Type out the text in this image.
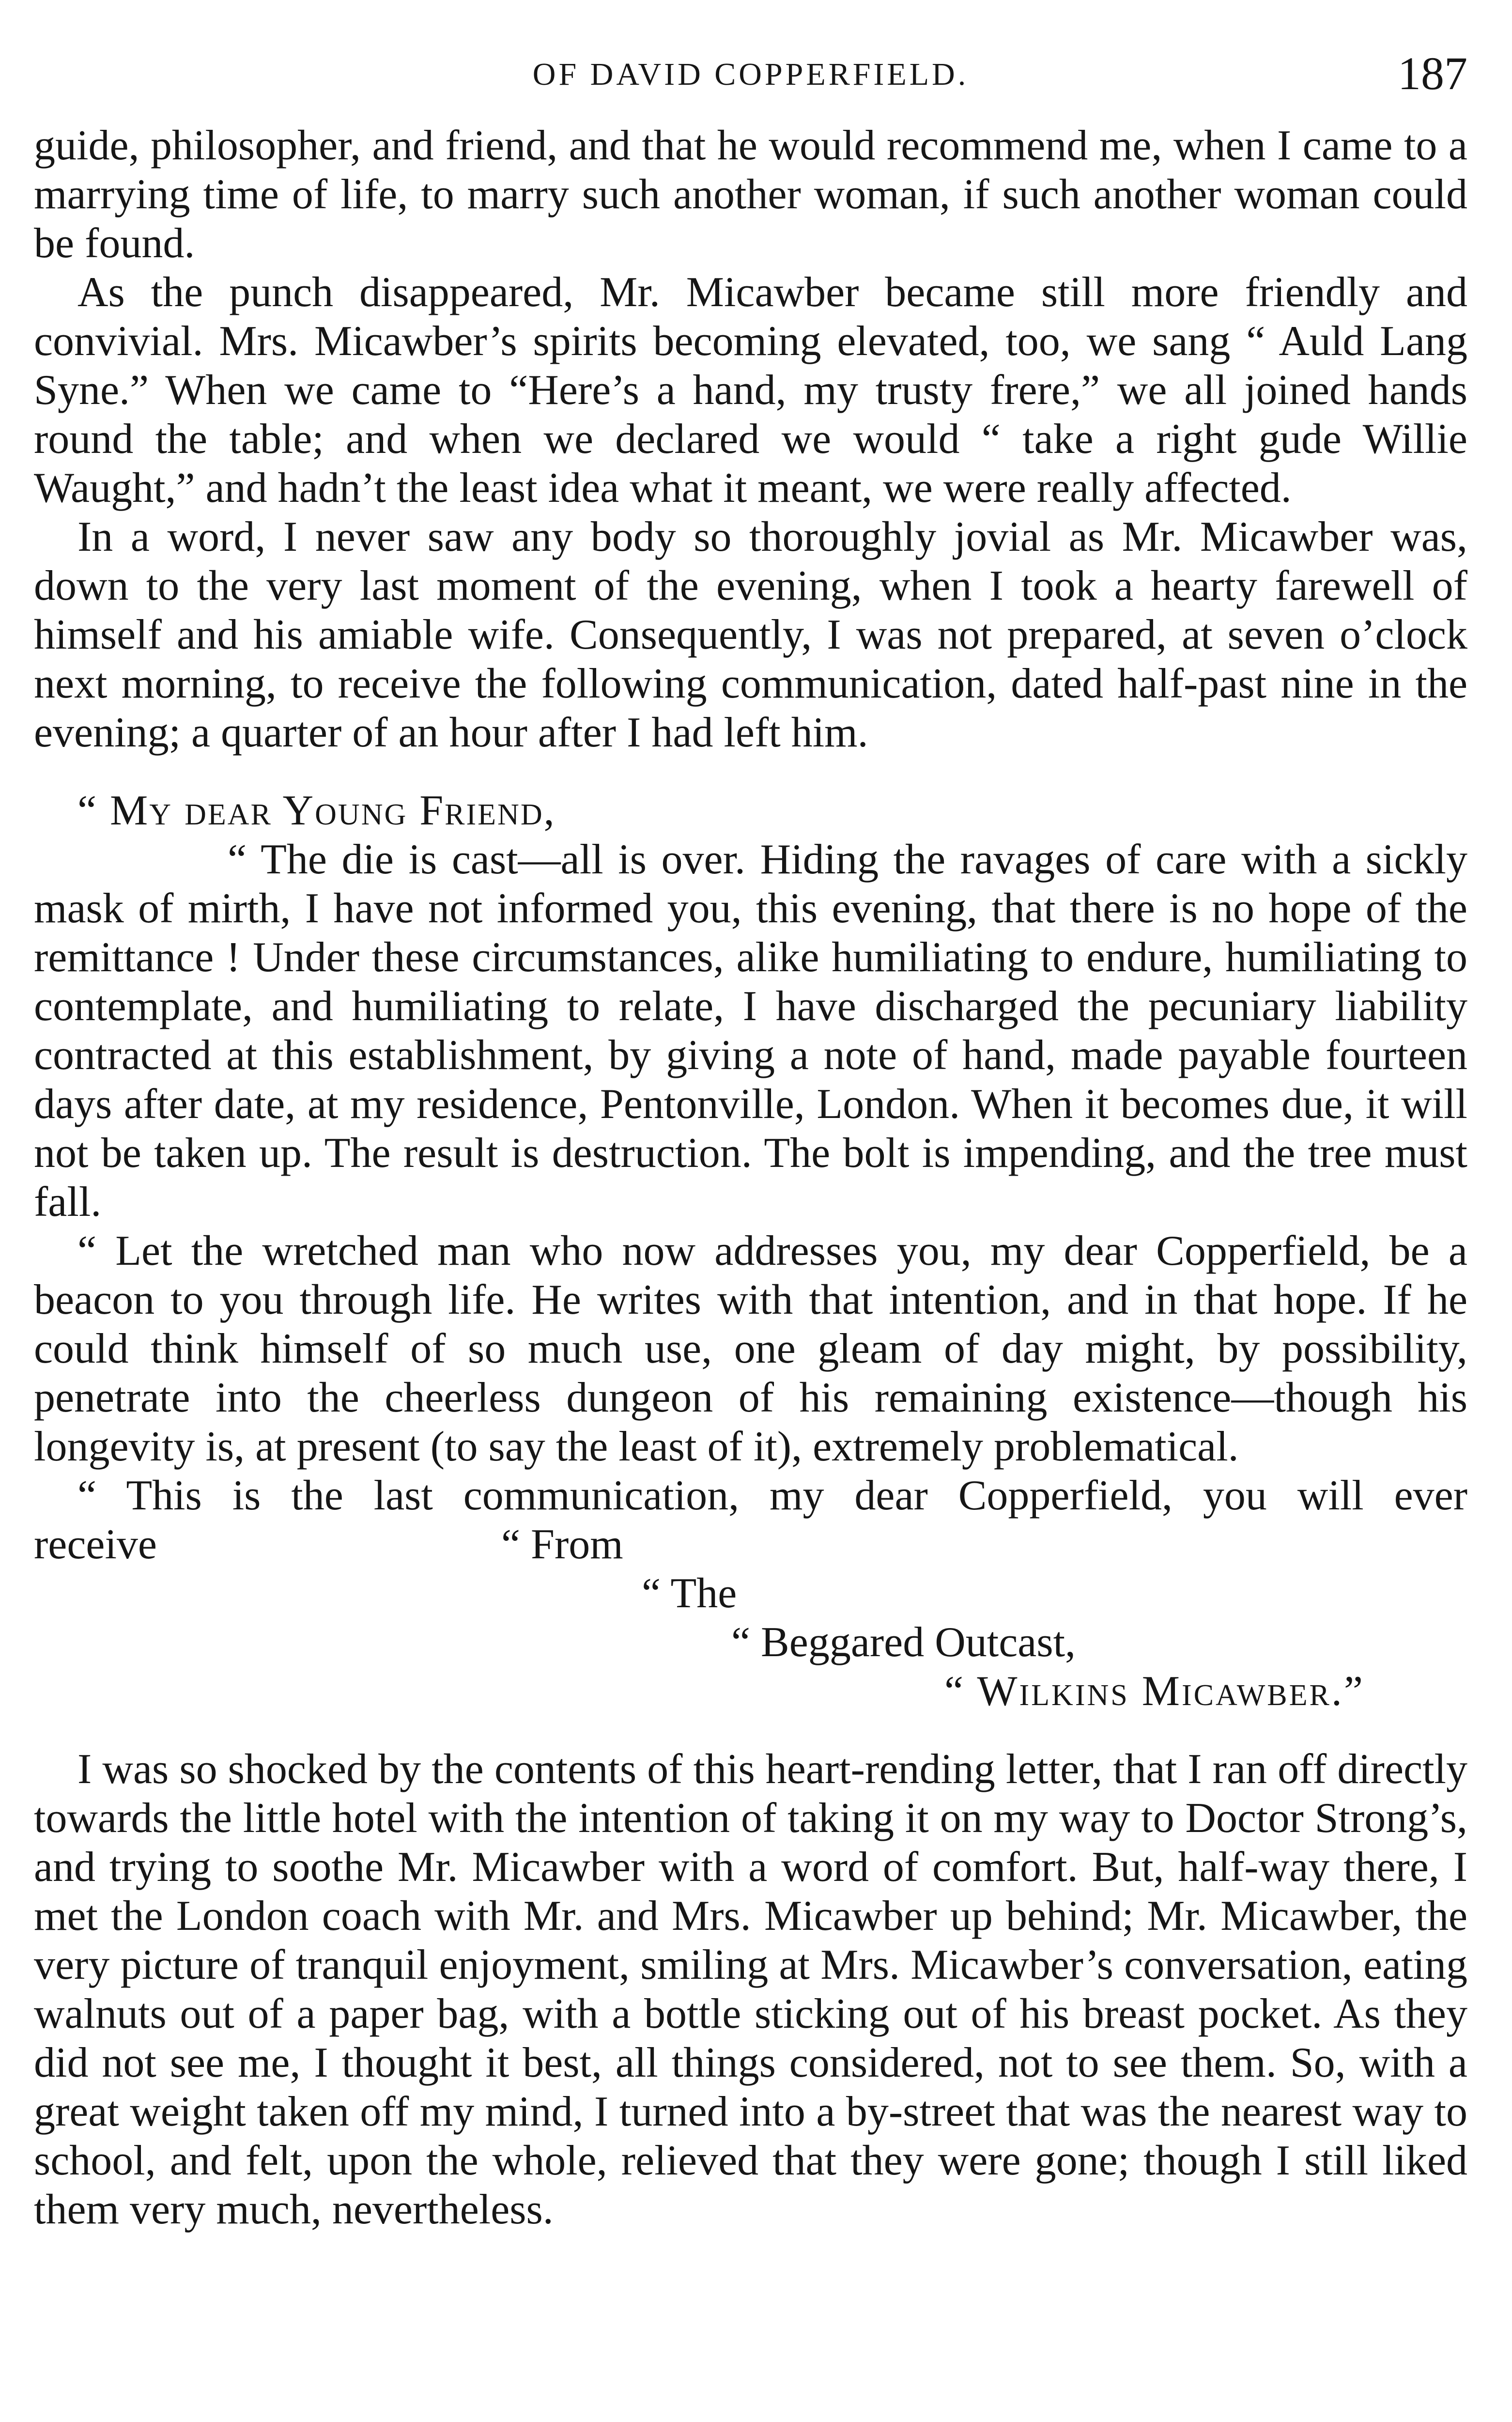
OF DAVID COPPERFIELD.	187

guide, philosopher, and friend, and that he would recommend me, when I came to a marrying time of life, to marry such another woman, if such another woman could be found.

As the punch disappeared, Mr. Micawber became still more friendly and convivial. Mrs. Micawber’s spirits becoming elevated, too, we sang “ Auld Lang Syne.” When we came to “Here’s a hand, my trusty frere,” we all joined hands round the table; and when we declared we would “ take a right gude Willie Waught,” and hadn’t the least idea what it meant, we were really affected.

In a word, I never saw any body so thoroughly jovial as Mr. Micawber was, down to the very last moment of the evening, when I took a hearty farewell of himself and his amiable wife. Consequently, I was not prepared, at seven o’clock next morning, to receive the following communication, dated half-past nine in the evening; a quarter of an hour after I had left him.

“ My dear Young Friend,

“ The die is cast—all is over. Hiding the ravages of care with a sickly mask of mirth, I have not informed you, this evening, that there is no hope of the remittance ! Under these circumstances, alike humiliating to endure, humiliating to contemplate, and humiliating to relate, I have discharged the pecuniary liability contracted at this establishment, by giving a note of hand, made payable fourteen days after date, at my residence, Pentonville, London. When it becomes due, it will not be taken up. The result is destruction. The bolt is impending, and the tree must fall.

“ Let the wretched man who now addresses you, my dear Copperfield, be a beacon to you through life. He writes with that intention, and in that hope. If he could think himself of so much use, one gleam of day might, by possibility, penetrate into the cheerless dungeon of his remaining existence—though his longevity is, at present (to say the least of it), extremely problematical.

“ This is the last communication, my dear Copperfield, you will ever
receive	“ From
“ The
“ Beggared Outcast,
“ Wilkins Micawber.”

I was so shocked by the contents of this heart-rending letter, that I ran off directly towards the little hotel with the intention of taking it on my way to Doctor Strong’s, and trying to soothe Mr. Micawber with a word of comfort. But, half-way there, I met the London coach with Mr. and Mrs. Micawber up behind; Mr. Micawber, the very picture of tranquil enjoyment, smiling at Mrs. Micawber’s conversation, eating walnuts out of a paper bag, with a bottle sticking out of his breast pocket. As they did not see me, I thought it best, all things considered, not to see them. So, with a great weight taken off my mind, I turned into a by-street that was the nearest way to school, and felt, upon the whole, relieved that they were gone; though I still liked them very much, nevertheless.
